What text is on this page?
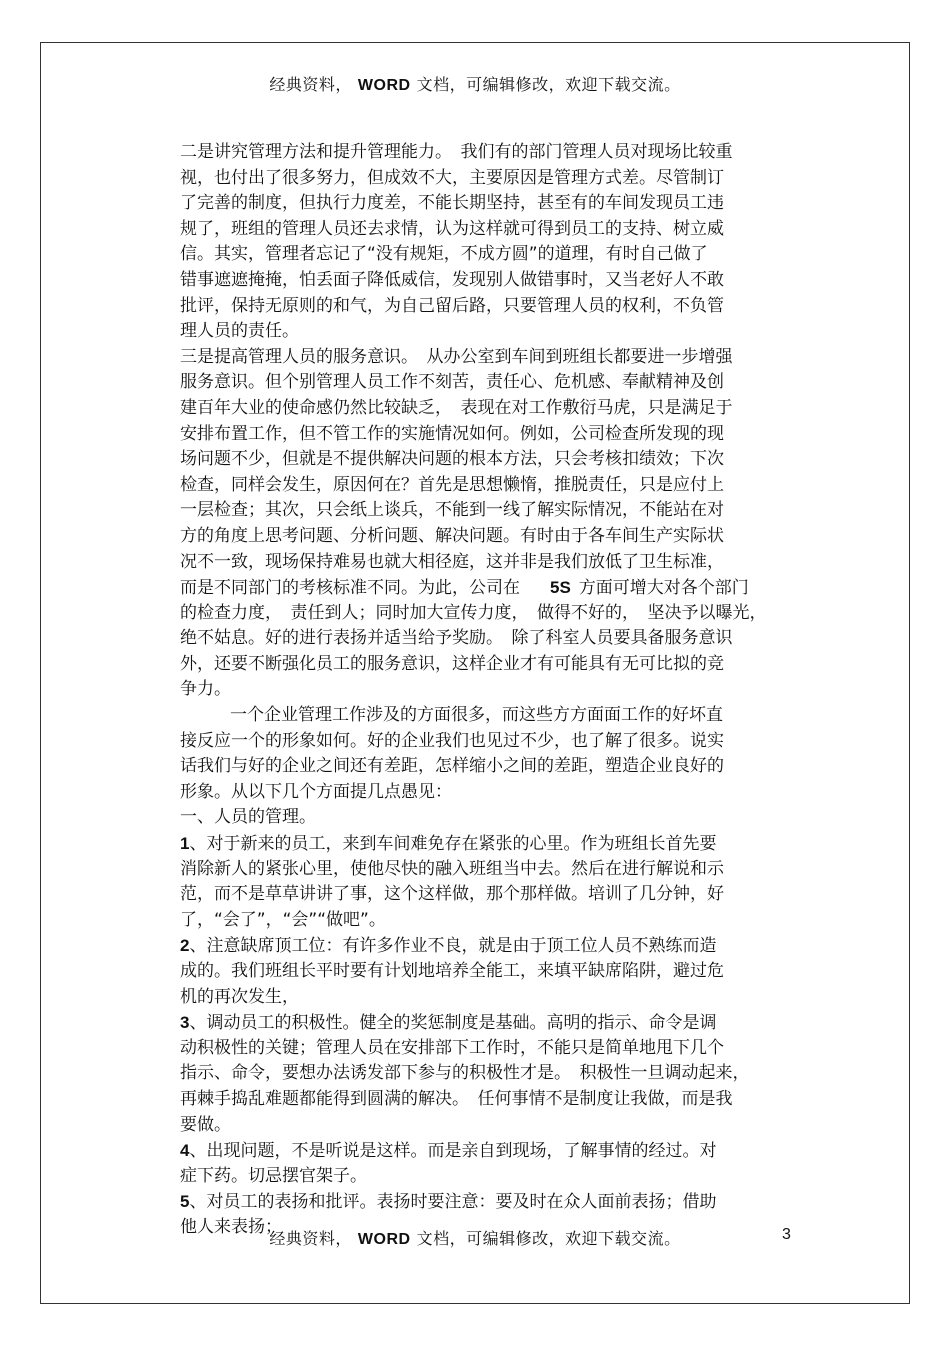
经典资料， WORD 文档，可编辑修改，欢迎下载交流。
二是讲究管理方法和提升管理能力。　我们有的部门管理人员对现场比较重
视，也付出了很多努力，但成效不大，主要原因是管理方式差。尽管制订
了完善的制度，但执行力度差，不能长期坚持，甚至有的车间发现员工违
规了，班组的管理人员还去求情，认为这样就可得到员工的支持、树立威
信。其实，管理者忘记了“没有规矩，不成方圆”的道理，有时自己做了
错事遮遮掩掩，怕丢面子降低威信，发现别人做错事时，又当老好人不敢
批评，保持无原则的和气，为自己留后路，只要管理人员的权利，不负管
理人员的责任。
三是提高管理人员的服务意识。　从办公室到车间到班组长都要进一步增强
服务意识。但个别管理人员工作不刻苦，责任心、危机感、奉献精神及创
建百年大业的使命感仍然比较缺乏，　表现在对工作敷衍马虎，只是满足于
安排布置工作，但不管工作的实施情况如何。例如，公司检查所发现的现
场问题不少，但就是不提供解决问题的根本方法，只会考核扣绩效；下次
检查，同样会发生，原因何在？首先是思想懒惰，推脱责任，只是应付上
一层检查；其次，只会纸上谈兵，不能到一线了解实际情况，不能站在对
方的角度上思考问题、分析问题、解决问题。有时由于各车间生产实际状
况不一致，现场保持难易也就大相径庭，这并非是我们放低了卫生标准，
而是不同部门的考核标准不同。为此，公司在 5S 方面可增大对各个部门
的检查力度，　责任到人；同时加大宣传力度，　做得不好的，　坚决予以曝光，
绝不姑息。好的进行表扬并适当给予奖励。　除了科室人员要具备服务意识
外，还要不断强化员工的服务意识，这样企业才有可能具有无可比拟的竞
争力。
一个企业管理工作涉及的方面很多，而这些方方面面工作的好坏直
接反应一个的形象如何。好的企业我们也见过不少，也了解了很多。说实
话我们与好的企业之间还有差距，怎样缩小之间的差距，塑造企业良好的
形象。从以下几个方面提几点愚见：
一、人员的管理。
1、对于新来的员工，来到车间难免存在紧张的心里。作为班组长首先要
消除新人的紧张心里，使他尽快的融入班组当中去。然后在进行解说和示
范，而不是草草讲讲了事，这个这样做，那个那样做。培训了几分钟，好
了，“会了”，“会”“做吧”。
2、注意缺席顶工位：有许多作业不良，就是由于顶工位人员不熟练而造
成的。我们班组长平时要有计划地培养全能工，来填平缺席陷阱，避过危
机的再次发生，
3、调动员工的积极性。健全的奖惩制度是基础。高明的指示、命令是调
动积极性的关键；管理人员在安排部下工作时，不能只是简单地甩下几个
指示、命令，要想办法诱发部下参与的积极性才是。　积极性一旦调动起来，
再棘手捣乱难题都能得到圆满的解决。　任何事情不是制度让我做，而是我
要做。
4、出现问题，不是听说是这样。而是亲自到现场，了解事情的经过。对
症下药。切忌摆官架子。
5、对员工的表扬和批评。表扬时要注意：要及时在众人面前表扬；借助
他人来表扬；
经典资料， WORD 文档，可编辑修改，欢迎下载交流。	3
